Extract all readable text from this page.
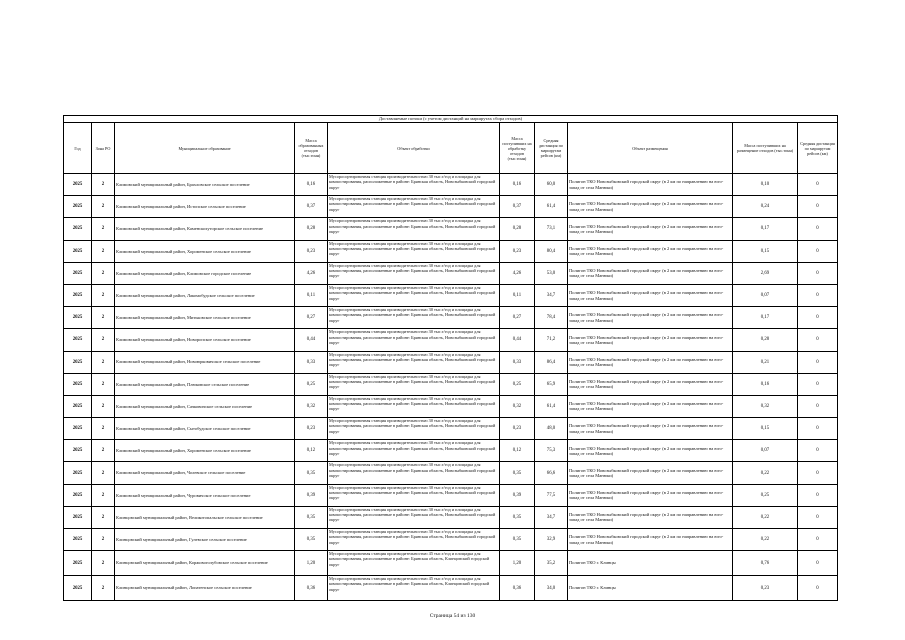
Доставляемые потоки (с учетом дистанций на маршрутах сбора отходов)									
Год	Зона РО	Муниципальное образование	Масса образованных отходов (тыс.тонн)	Объект обработки	Масса поступивших на обработку отходов (тыс.тонн)	Средняя дистанция по маршрутам рейсов (км)	Объект размещения	Масса поступивших на размещение отходов (тыс.тонн)	Средняя дистанция по маршрутам рейсов (км)
2025	2	Климовский муниципальный район, Брахловское сельское поселение	0,16	Мусоросортировочная станция производительностью 30 тыс.т/год и площадка для компостирования, расположенные в районе: Брянская область, Новозыбковский городской округ	0,16	60,0	Полигон ТКО Новозыбковский городской округ (в 2 км по направлению на юго-запад от села Манюки)	0,10	0
2025	2	Климовский муниципальный район, Истопское сельское поселение	0,37	Мусоросортировочная станция производительностью 30 тыс.т/год и площадка для компостирования, расположенные в районе: Брянская область, Новозыбковский городской округ	0,37	61,4	Полигон ТКО Новозыбковский городской округ (в 2 км по направлению на юго-запад от села Манюки)	0,24	0
2025	2	Климовский муниципальный район, Каменскохуторское сельское поселение	0,28	Мусоросортировочная станция производительностью 30 тыс.т/год и площадка для компостирования, расположенные в районе: Брянская область, Новозыбковский городской округ	0,28	73,1	Полигон ТКО Новозыбковский городской округ (в 2 км по направлению на юго-запад от села Манюки)	0,17	0
2025	2	Климовский муниципальный район, Хороменское сельское поселение	0,23	Мусоросортировочная станция производительностью 30 тыс.т/год и площадка для компостирования, расположенные в районе: Брянская область, Новозыбковский городской округ	0,23	80,4	Полигон ТКО Новозыбковский городской округ (в 2 км по направлению на юго-запад от села Манюки)	0,15	0
2025	2	Климовский муниципальный район, Климовское городское поселение	4,26	Мусоросортировочная станция производительностью 30 тыс.т/год и площадка для компостирования, расположенные в районе: Брянская область, Новозыбковский городской округ	4,26	53,0	Полигон ТКО Новозыбковский городской округ (в 2 км по направлению на юго-запад от села Манюки)	2,69	0
2025	2	Климовский муниципальный район, Лакомобудское сельское поселение	0,11	Мусоросортировочная станция производительностью 30 тыс.т/год и площадка для компостирования, расположенные в районе: Брянская область, Новозыбковский городской округ	0,11	34,7	Полигон ТКО Новозыбковский городской округ (в 2 км по направлению на юго-запад от села Манюки)	0,07	0
2025	2	Климовский муниципальный район, Митьковское сельское поселение	0,27	Мусоросортировочная станция производительностью 30 тыс.т/год и площадка для компостирования, расположенные в районе: Брянская область, Новозыбковский городской округ	0,27	78,4	Полигон ТКО Новозыбковский городской округ (в 2 км по направлению на юго-запад от села Манюки)	0,17	0
2025	2	Климовский муниципальный район, Новоропское сельское поселение	0,44	Мусоросортировочная станция производительностью 30 тыс.т/год и площадка для компостирования, расположенные в районе: Брянская область, Новозыбковский городской округ	0,44	71,2	Полигон ТКО Новозыбковский городской округ (в 2 км по направлению на юго-запад от села Манюки)	0,28	0
2025	2	Климовский муниципальный район, Новоюрковичское сельское поселение	0,33	Мусоросортировочная станция производительностью 30 тыс.т/год и площадка для компостирования, расположенные в районе: Брянская область, Новозыбковский городской округ	0,33	86,4	Полигон ТКО Новозыбковский городской округ (в 2 км по направлению на юго-запад от села Манюки)	0,21	0
2025	2	Климовский муниципальный район, Плюковское сельское поселение	0,25	Мусоросортировочная станция производительностью 30 тыс.т/год и площадка для компостирования, расположенные в районе: Брянская область, Новозыбковский городской округ	0,25	65,9	Полигон ТКО Новозыбковский городской округ (в 2 км по направлению на юго-запад от села Манюки)	0,16	0
2025	2	Климовский муниципальный район, Сачковичское сельское поселение	0,32	Мусоросортировочная станция производительностью 30 тыс.т/год и площадка для компостирования, расположенные в районе: Брянская область, Новозыбковский городской округ	0,32	61,4	Полигон ТКО Новозыбковский городской округ (в 2 км по направлению на юго-запад от села Манюки)	0,32	0
2025	2	Климовский муниципальный район, Сытобудское сельское поселение	0,23	Мусоросортировочная станция производительностью 30 тыс.т/год и площадка для компостирования, расположенные в районе: Брянская область, Новозыбковский городской округ	0,23	48,0	Полигон ТКО Новозыбковский городской округ (в 2 км по направлению на юго-запад от села Манюки)	0,15	0
2025	2	Климовский муниципальный район, Хороменское сельское поселение	0,12	Мусоросортировочная станция производительностью 30 тыс.т/год и площадка для компостирования, расположенные в районе: Брянская область, Новозыбковский городской округ	0,12	75,3	Полигон ТКО Новозыбковский городской округ (в 2 км по направлению на юго-запад от села Манюки)	0,07	0
2025	2	Климовский муниципальный район, Чолевское сельское поселение	0,35	Мусоросортировочная станция производительностью 30 тыс.т/год и площадка для компостирования, расположенные в районе: Брянская область, Новозыбковский городской округ	0,35	66,6	Полигон ТКО Новозыбковский городской округ (в 2 км по направлению на юго-запад от села Манюки)	0,22	0
2025	2	Климовский муниципальный район, Чуровичское сельское поселение	0,39	Мусоросортировочная станция производительностью 30 тыс.т/год и площадка для компостирования, расположенные в районе: Брянская область, Новозыбковский городской округ	0,39	77,5	Полигон ТКО Новозыбковский городской округ (в 2 км по направлению на юго-запад от села Манюки)	0,25	0
2025	2	Клинцовский муниципальный район, Великотопальское сельское поселение	0,35	Мусоросортировочная станция производительностью 30 тыс.т/год и площадка для компостирования, расположенные в районе: Брянская область, Новозыбковский городской округ	0,35	34,7	Полигон ТКО Новозыбковский городской округ (в 2 км по направлению на юго-запад от села Манюки)	0,22	0
2025	2	Клинцовский муниципальный район, Гулевское сельское поселение	0,35	Мусоросортировочная станция производительностью 30 тыс.т/год и площадка для компостирования, расположенные в районе: Брянская область, Новозыбковский городской округ	0,35	32,9	Полигон ТКО Новозыбковский городской округ (в 2 км по направлению на юго-запад от села Манюки)	0,22	0
2025	2	Клинцовский муниципальный район, Коржовоголубовское сельское поселение	1,20	Мусоросортировочная станция производительностью 45 тыс.т/год и площадка для компостирования, расположенные в районе: Брянская область, Клинцовский городской округ	1,20	35,2	Полигон ТКО г. Клинцы	0,76	0
2025	2	Клинцовский муниципальный район, Лопатенское сельское поселение	0,36	Мусоросортировочная станция производительностью 45 тыс.т/год и площадка для компостирования, расположенные в районе: Брянская область, Клинцовский городской округ	0,36	34,0	Полигон ТКО г. Клинцы	0,23	0
Страница 54 из 130
